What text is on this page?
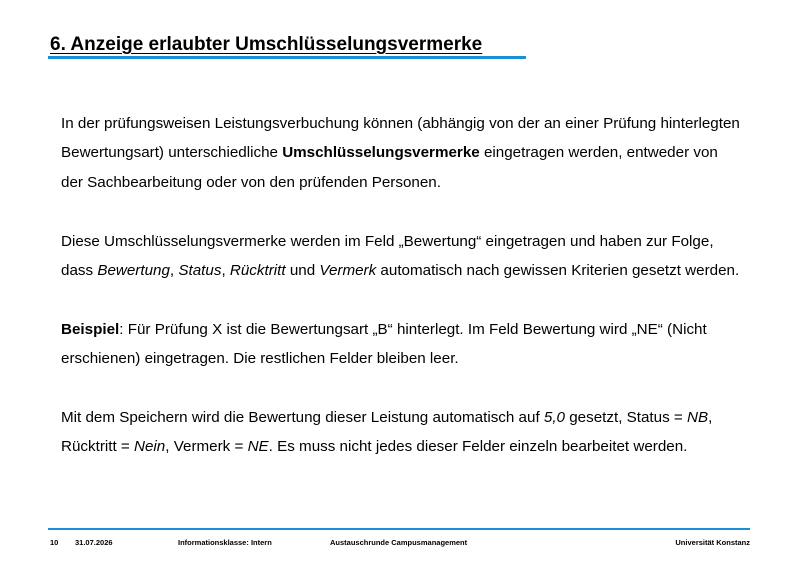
6. Anzeige erlaubter Umschlüsselungsvermerke

In der prüfungsweisen Leistungsverbuchung können (abhängig von der an einer Prüfung hinterlegten Bewertungsart) unterschiedliche Umschlüsselungsvermerke eingetragen werden, entweder von der Sachbearbeitung oder von den prüfenden Personen.

Diese Umschlüsselungsvermerke werden im Feld „Bewertung“ eingetragen und haben zur Folge, dass Bewertung, Status, Rücktritt und Vermerk automatisch nach gewissen Kriterien gesetzt werden.

Beispiel: Für Prüfung X ist die Bewertungsart „B“ hinterlegt. Im Feld Bewertung wird „NE“ (Nicht erschienen) eingetragen. Die restlichen Felder bleiben leer.

Mit dem Speichern wird die Bewertung dieser Leistung automatisch auf 5,0 gesetzt, Status = NB, Rücktritt = Nein, Vermerk = NE. Es muss nicht jedes dieser Felder einzeln bearbeitet werden.

10 31.07.2026	Informationsklasse: Intern	Austauschrunde Campusmanagement	Universität Konstanz
